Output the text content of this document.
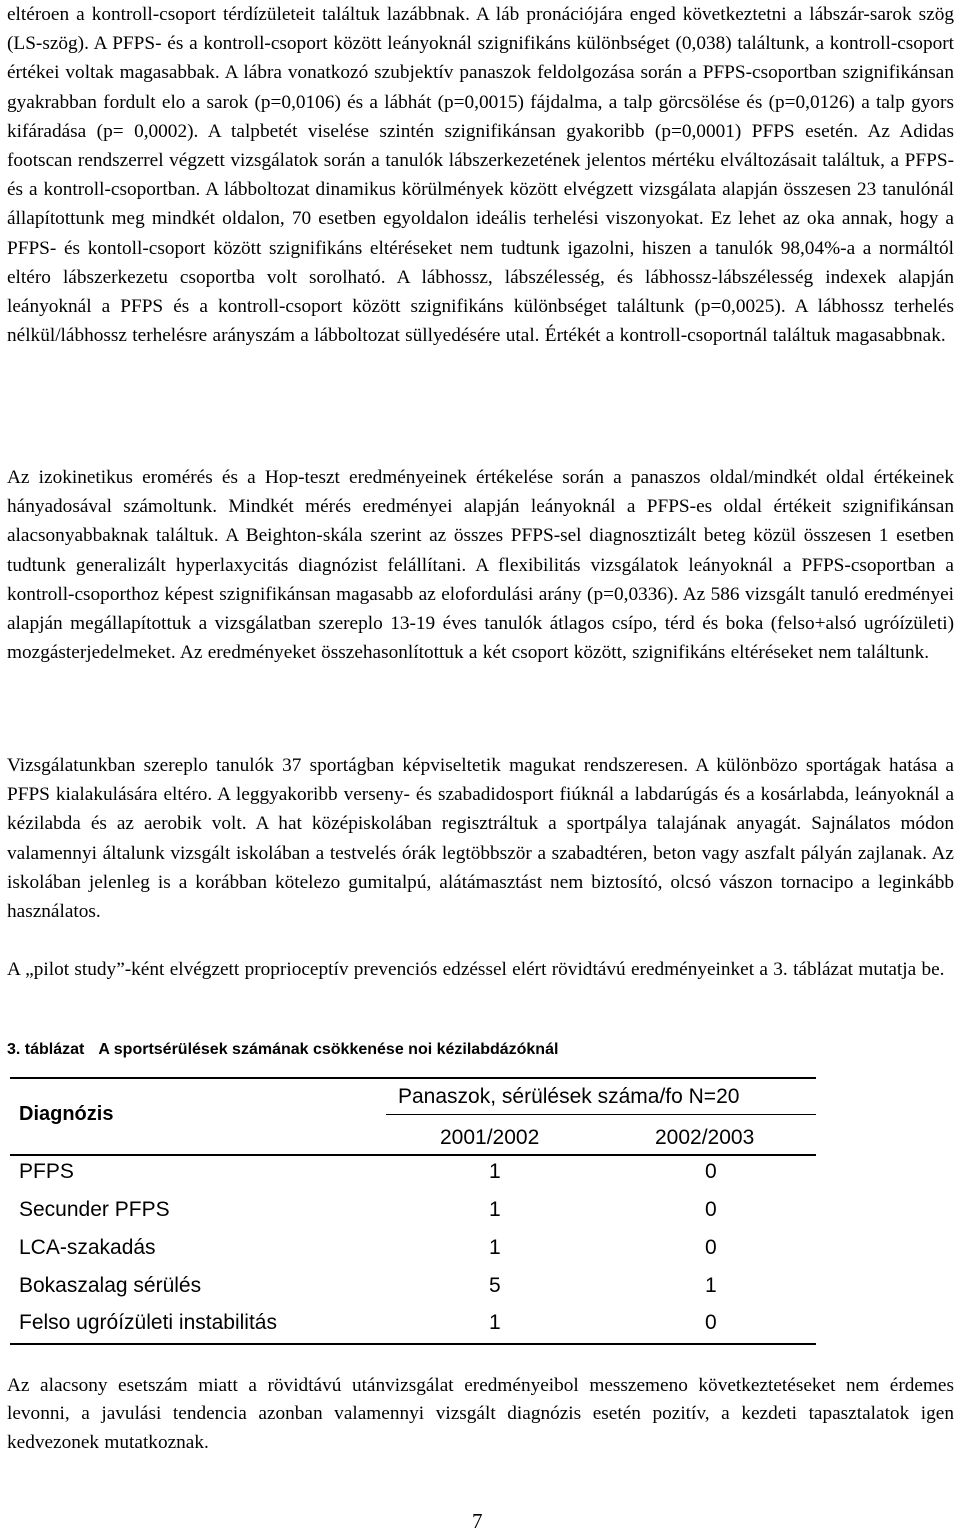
eltéroen a kontroll-csoport térdízületeit találtuk lazábbnak. A láb pronációjára enged következtetni a lábszár-sarok szög (LS-szög). A PFPS- és a kontroll-csoport között leányoknál szignifikáns különbséget (0,038) találtunk, a kontroll-csoport értékei voltak magasabbak. A lábra vonatkozó szubjektív panaszok feldolgozása során a PFPS-csoportban szignifikánsan gyakrabban fordult elo a sarok (p=0,0106) és a lábhát (p=0,0015) fájdalma, a talp görcsölése és (p=0,0126) a talp gyors kifáradása (p= 0,0002). A talpbetét viselése szintén szignifikánsan gyakoribb (p=0,0001) PFPS esetén. Az Adidas footscan rendszerrel végzett vizsgálatok során a tanulók lábszerkezetének jelentos mértéku elváltozásait találtuk, a PFPS- és a kontroll-csoportban. A lábboltozat dinamikus körülmények között elvégzett vizsgálata alapján összesen 23 tanulónál állapítottunk meg mindkét oldalon, 70 esetben egyoldalon ideális terhelési viszonyokat. Ez lehet az oka annak, hogy a PFPS- és kontoll-csoport között szignifikáns eltéréseket nem tudtunk igazolni, hiszen a tanulók 98,04%-a a normáltól eltéro lábszerkezetu csoportba volt sorolható. A lábhossz, lábszélesség, és lábhossz-lábszélesség indexek alapján leányoknál a PFPS és a kontroll-csoport között szignifikáns különbséget találtunk (p=0,0025). A lábhossz terhelés nélkül/lábhossz terhelésre arányszám a lábboltozat süllyedésére utal. Értékét a kontroll-csoportnál találtuk magasabbnak.

Az izokinetikus eromérés és a Hop-teszt eredményeinek értékelése során a panaszos oldal/mindkét oldal értékeinek hányadosával számoltunk. Mindkét mérés eredményei alapján leányoknál a PFPS-es oldal értékeit szignifikánsan alacsonyabbaknak találtuk. A Beighton-skála szerint az összes PFPS-sel diagnosztizált beteg közül összesen 1 esetben tudtunk generalizált hyperlaxycitás diagnózist felállítani. A flexibilitás vizsgálatok leányoknál a PFPS-csoportban a kontroll-csoporthoz képest szignifikánsan magasabb az elofordulási arány (p=0,0336). Az 586 vizsgált tanuló eredményei alapján megállapítottuk a vizsgálatban szereplo 13-19 éves tanulók átlagos csípo, térd és boka (felso+alsó ugróízületi) mozgásterjedelmeket. Az eredményeket összehasonlítottuk a két csoport között, szignifikáns eltéréseket nem találtunk.

Vizsgálatunkban szereplo tanulók 37 sportágban képviseltetik magukat rendszeresen. A különbözo sportágak hatása a PFPS kialakulására eltéro. A leggyakoribb verseny- és szabadidosport fiúknál a labdarúgás és a kosárlabda, leányoknál a kézilabda és az aerobik volt. A hat középiskolában regisztráltuk a sportpálya talajának anyagát. Sajnálatos módon valamennyi általunk vizsgált iskolában a testvelés órák legtöbbször a szabadtéren, beton vagy aszfalt pályán zajlanak. Az iskolában jelenleg is a korábban kötelezo gumitalpú, alátámasztást nem biztosító, olcsó vászon tornacipo a leginkább használatos.

A „pilot study”-ként elvégzett proprioceptív prevenciós edzéssel elért rövidtávú eredményeinket a 3. táblázat mutatja be.

3. táblázat A sportsérülések számának csökkenése noi kézilabdázóknál
Diagnózis
Panaszok, sérülések száma/fo N=20
2001/2002	2002/2003
PFPS	1	0
Secunder PFPS	1	0
LCA-szakadás	1	0
Bokaszalag sérülés	5	1
Felso ugróízületi instabilitás	1	0

Az alacsony esetszám miatt a rövidtávú utánvizsgálat eredményeibol messzemeno következtetéseket nem érdemes levonni, a javulási tendencia azonban valamennyi vizsgált diagnózis esetén pozitív, a kezdeti tapasztalatok igen kedvezonek mutatkoznak.

7
